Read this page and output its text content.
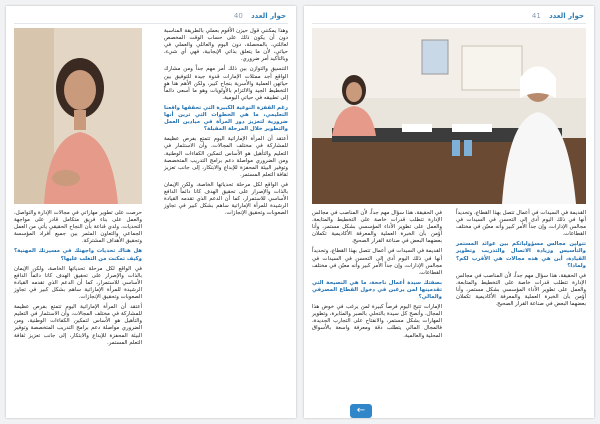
حوار العدد 40

وهذا يمكنني قول حيزن الأقوم بعملي بالطريقة المناسبة دون أن يكون ذلك على حساب الوقت المخصص لعائلتي، بالمحصلة، دون اليوم والعائلي والعملي في حياتي، لأن ما يتعلق بذاتي الإيجابية، فهي أي شيء، وبالتأكيد أمر ضروري.

التنسيق والتوازن بين ذلك أمر مهم جداً ومن مشارك الواقع أجد ممثلات الإمارات قدوة جيدة للتوفيق بين حياتهن العملية والأسرية بنجاح كبير، ولكن الأهم هنا هو التخطيط الجيد والالتزام بالأولويات وهو ما أسعى دائماً إلى تطبيقه في حياتي اليومية.

رغم القفزة النوعية الكبيرة التي تحققها واقعنا التعليمي، ما هي الخطوات التي ترين أنها ضرورية لتعزيز دور المرأة في ميادين العمل والتطوير خلال المرحلة المقبلة؟

أعتقد أن المرأة الإماراتية اليوم تتمتع بفرص عظيمة للمشاركة في مختلف المجالات، وأن الاستثمار في التعليم والتأهيل هو الأساس لتمكين الكفاءات الوطنية، ومن الضروري مواصلة دعم برامج التدريب المتخصصة وتوفير البيئة المحفزة للإبداع والابتكار، إلى جانب تعزيز ثقافة التعلم المستمر.

في الواقع لكل مرحلة تحدياتها الخاصة، ولكن الإيمان بالذات والإصرار على تحقيق الهدف كانا دائماً الدافع الأساسي للاستمرار، كما أن الدعم الذي تقدمه القيادة الرشيدة للمرأة الإماراتية ساهم بشكل كبير في تجاوز الصعوبات وتحقيق الإنجازات.

حرصت على تطوير مهاراتي في مجالات الإدارة والتواصل، والعمل على بناء فريق متكامل قادر على مواجهة التحديات، ولدي قناعة بأن النجاح الحقيقي يأتي من العمل الجماعي والتعاون المثمر بين جميع أفراد المؤسسة وتحقيق الأهداف المشتركة.

هل هناك تحديات واجهتك في مسيرتك المهنية؟ وكيف تمكنت من التغلب عليها؟

في الواقع لكل مرحلة تحدياتها الخاصة، ولكن الإيمان بالذات والإصرار على تحقيق الهدف كانا دائماً الدافع الأساسي للاستمرار، كما أن الدعم الذي تقدمه القيادة الرشيدة للمرأة الإماراتية ساهم بشكل كبير في تجاوز الصعوبات وتحقيق الإنجازات.

أعتقد أن المرأة الإماراتية اليوم تتمتع بفرص عظيمة للمشاركة في مختلف المجالات، وأن الاستثمار في التعليم والتأهيل هو الأساس لتمكين الكفاءات الوطنية، ومن الضروري مواصلة دعم برامج التدريب المتخصصة وتوفير البيئة المحفزة للإبداع والابتكار، إلى جانب تعزيز ثقافة التعلم المستمر.

حوار العدد 41

القديمة في السيدات في أعمال تتصل بهذا القطاع، وتحديداً أنها في ذلك اليوم أدى إلى التحسن في السيدات في مجالس الإدارات، وإن جداً الأمر كبير وأنه معيّن في مختلف القطاعات.

تتولين مجالس مسؤولياتكم بين عوائد المستمر والتأسيس وزيادة الاتصال والتدريب وتطوير القيادة، أين هي هذه مجالات هي الأقرب لكم؟ ولماذا؟

في الحقيقة، هذا سؤال مهم جداً، لأن المناصب في مجالس الإدارة تتطلب قدرات خاصة على التخطيط والمتابعة، والعمل على تطوير الأداء المؤسسي بشكل مستمر، وأنا أؤمن بأن الخبرة العملية والمعرفة الأكاديمية تكملان بعضهما البعض في صناعة القرار الصحيح.

في الحقيقة، هذا سؤال مهم جداً، لأن المناصب في مجالس الإدارة تتطلب قدرات خاصة على التخطيط والمتابعة، والعمل على تطوير الأداء المؤسسي بشكل مستمر، وأنا أؤمن بأن الخبرة العملية والمعرفة الأكاديمية تكملان بعضهما البعض في صناعة القرار الصحيح.

القديمة في السيدات في أعمال تتصل بهذا القطاع، وتحديداً أنها في ذلك اليوم أدى إلى التحسن في السيدات في مجالس الإدارات، وإن جداً الأمر كبير وأنه معيّن في مختلف القطاعات.

بصفتك سيدة أعمال ناجحة، ما هي النصيحة التي تقدمينها لمن يرغبن في دخول القطاع المصرفي والمالي؟

الإمارات تتيح اليوم فرصاً كبيرة لمن يرغب في خوض هذا المجال، وأنصح كل سيدة بالتحلي بالصبر والمثابرة، وتطوير المهارات بشكل مستمر، والانفتاح على التجارب الجديدة، فالمجال المالي يتطلب دقة ومعرفة واسعة بالأسواق المحلية والعالمية.

←
